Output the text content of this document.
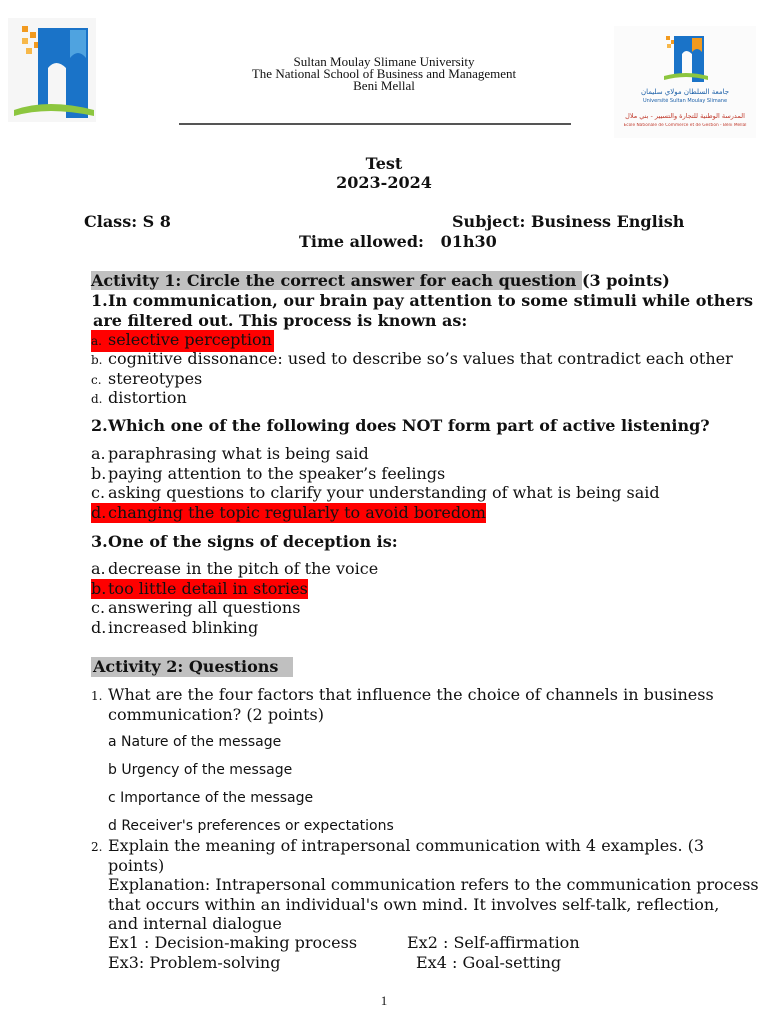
Sultan Moulay Slimane University
The National School of Business and Management
Beni Mellal	جامعة السلطان مولاي سليمان
Université Sultan Moulay Slimane
المدرسة الوطنية للتجارة والتسيير - بني ملال
École Nationale de Commerce et de Gestion - Béni Mellal
Test
2023-2024
Class: S 8	Subject: Business English
Time allowed: 01h30
Activity 1: Circle the correct answer for each question (3 points)
1.In communication, our brain pay attention to some stimuli while others
are filtered out. This process is known as:
a. selective perception
b. cognitive dissonance: used to describe so’s values that contradict each other
c. stereotypes
d. distortion
2.Which one of the following does NOT form part of active listening?
a. paraphrasing what is being said
b. paying attention to the speaker’s feelings
c. asking questions to clarify your understanding of what is being said
d. changing the topic regularly to avoid boredom
3.One of the signs of deception is:
a. decrease in the pitch of the voice
b. too little detail in stories
c. answering all questions
d. increased blinking
Activity 2: Questions
1. What are the four factors that influence the choice of channels in business
communication? (2 points)
a Nature of the message
b Urgency of the message
c Importance of the message
d Receiver's preferences or expectations
2. Explain the meaning of intrapersonal communication with 4 examples. (3
points)
Explanation: Intrapersonal communication refers to the communication process
that occurs within an individual's own mind. It involves self-talk, reflection,
and internal dialogue
Ex1 : Decision-making process	Ex2 : Self-affirmation
Ex3: Problem-solving	Ex4 : Goal-setting
1
